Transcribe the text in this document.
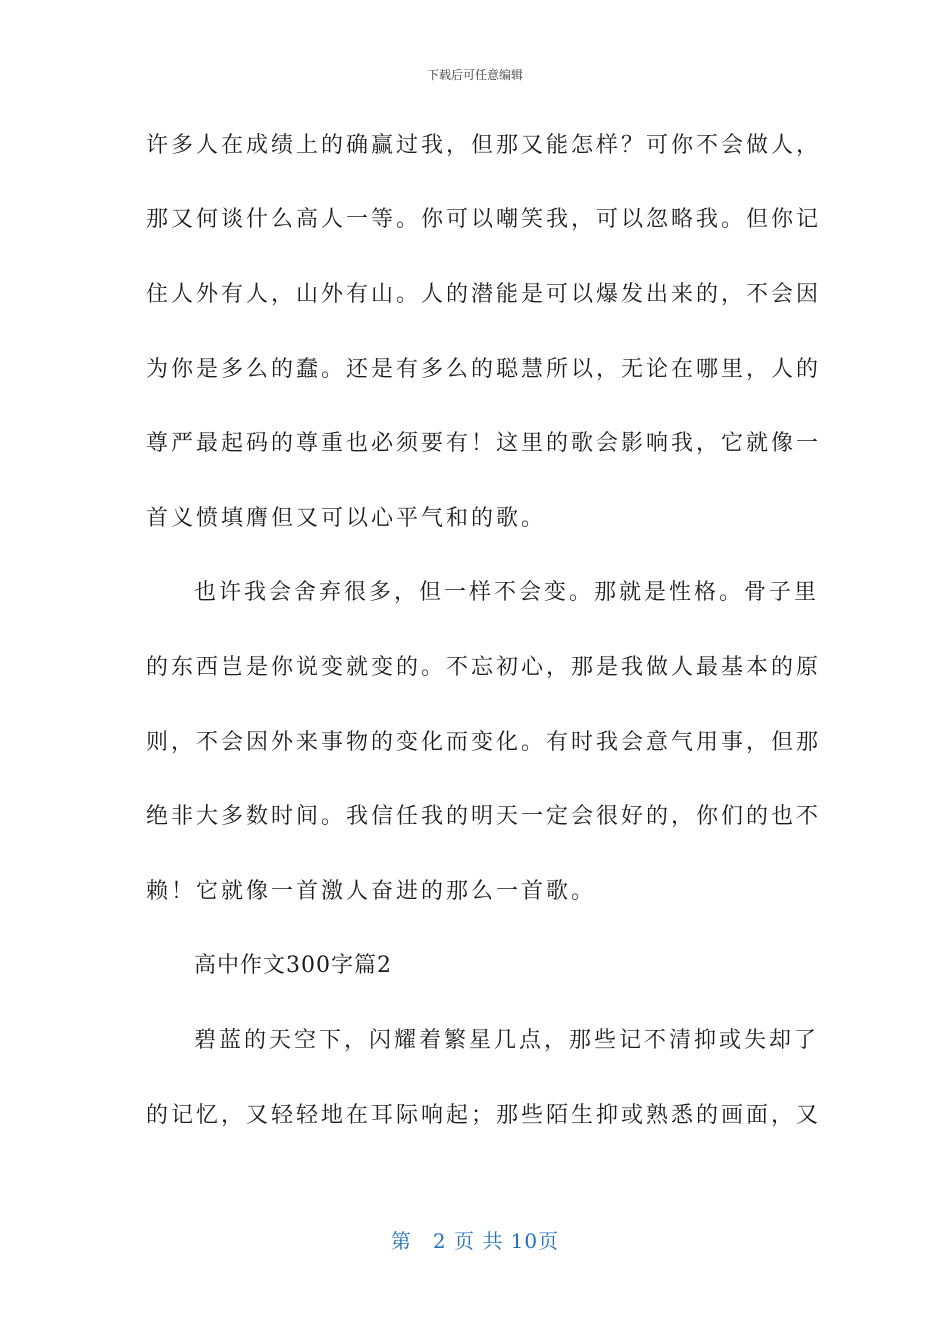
下载后可任意编辑
许多人在成绩上的确赢过我，但那又能怎样？可你不会做人，
那又何谈什么高人一等。你可以嘲笑我，可以忽略我。但你记
住人外有人，山外有山。人的潜能是可以爆发出来的，不会因
为你是多么的蠢。还是有多么的聪慧所以，无论在哪里，人的
尊严最起码的尊重也必须要有！这里的歌会影响我，它就像一
首义愤填膺但又可以心平气和的歌。
也许我会舍弃很多，但一样不会变。那就是性格。骨子里
的东西岂是你说变就变的。不忘初心，那是我做人最基本的原
则，不会因外来事物的变化而变化。有时我会意气用事，但那
绝非大多数时间。我信任我的明天一定会很好的，你们的也不
赖！它就像一首激人奋进的那么一首歌。
高中作文300字篇2
碧蓝的天空下，闪耀着繁星几点，那些记不清抑或失却了
的记忆，又轻轻地在耳际响起；那些陌生抑或熟悉的画面，又
第　2 页 共 10页
